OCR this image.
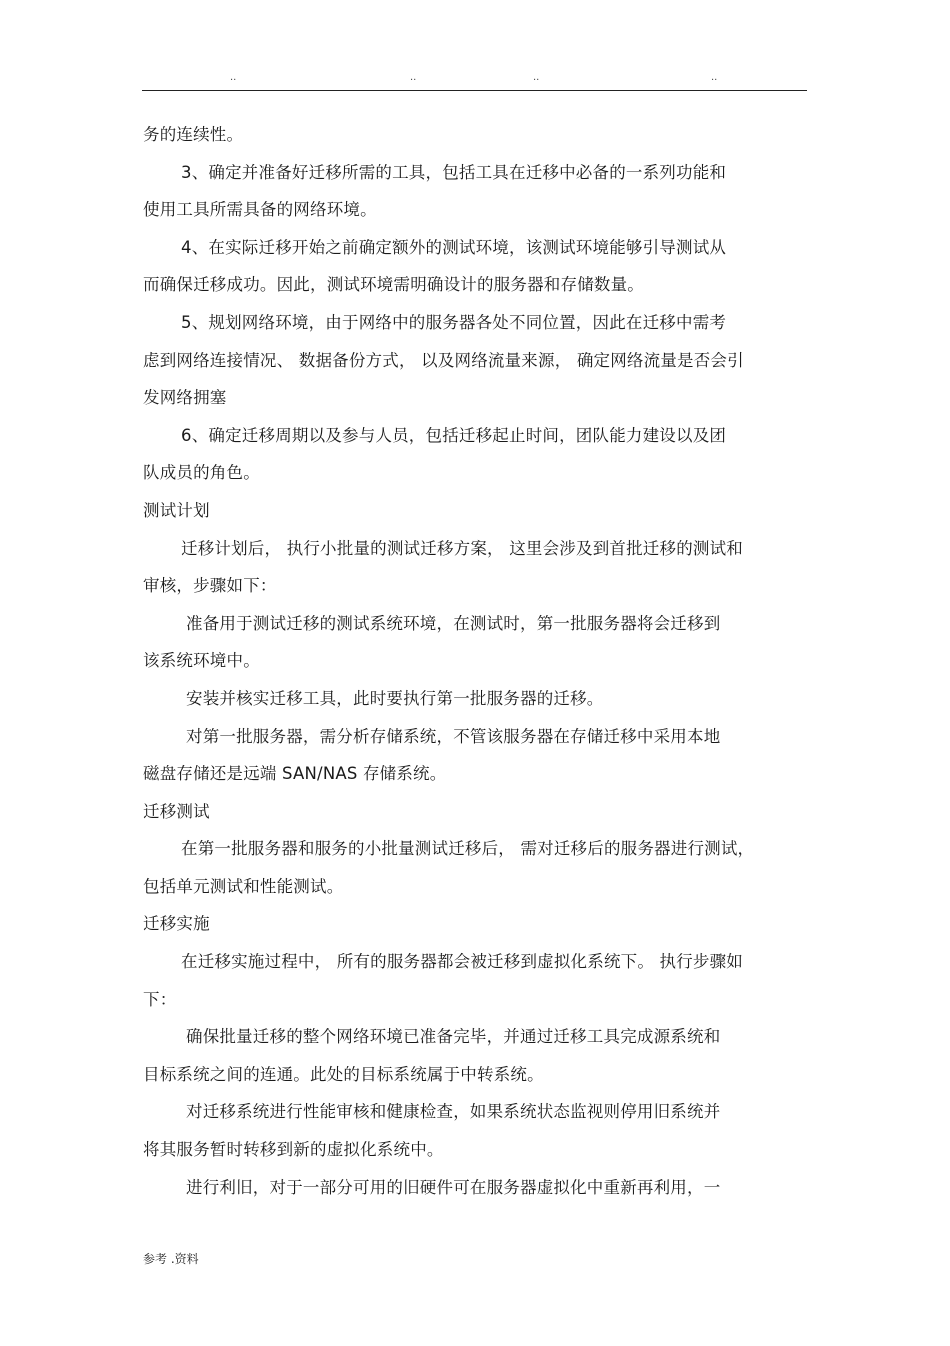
..	..	..	..
务的连续性。
3、确定并准备好迁移所需的工具，包括工具在迁移中必备的一系列功能和
使用工具所需具备的网络环境。
4、在实际迁移开始之前确定额外的测试环境，该测试环境能够引导测试从
而确保迁移成功。因此，测试环境需明确设计的服务器和存储数量。
5、规划网络环境，由于网络中的服务器各处不同位置，因此在迁移中需考
虑到网络连接情况、 数据备份方式， 以及网络流量来源， 确定网络流量是否会引
发网络拥塞
6、确定迁移周期以及参与人员，包括迁移起止时间，团队能力建设以及团
队成员的角色。
测试计划
迁移计划后， 执行小批量的测试迁移方案， 这里会涉及到首批迁移的测试和
审核，步骤如下：
准备用于测试迁移的测试系统环境，在测试时，第一批服务器将会迁移到
该系统环境中。
安装并核实迁移工具，此时要执行第一批服务器的迁移。
对第一批服务器，需分析存储系统，不管该服务器在存储迁移中采用本地
磁盘存储还是远端 SAN/NAS 存储系统。
迁移测试
在第一批服务器和服务的小批量测试迁移后， 需对迁移后的服务器进行测试，
包括单元测试和性能测试。
迁移实施
在迁移实施过程中， 所有的服务器都会被迁移到虚拟化系统下。 执行步骤如
下：
确保批量迁移的整个网络环境已准备完毕，并通过迁移工具完成源系统和
目标系统之间的连通。此处的目标系统属于中转系统。
对迁移系统进行性能审核和健康检查，如果系统状态监视则停用旧系统并
将其服务暂时转移到新的虚拟化系统中。
进行利旧，对于一部分可用的旧硬件可在服务器虚拟化中重新再利用，一
参考 .资料
